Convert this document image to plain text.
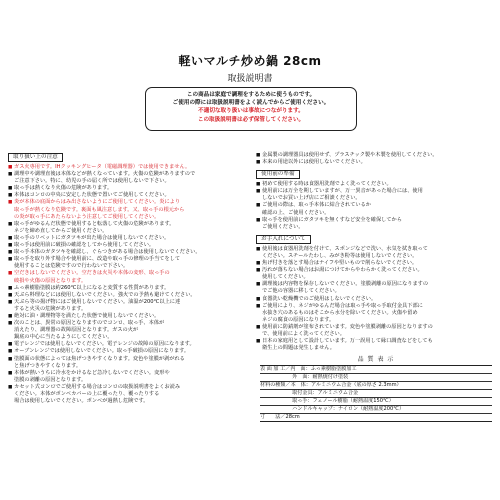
軽いマルチ炒め鍋 28cm
取扱説明書
この商品は家庭で調理をするために使うものです。
ご使用の際には取扱説明書をよく読んでからご使用ください。
不適切な取り扱いは事故につながります。
この取扱説明書は必ず保管してください。
取り扱い上の注意
■ ガス火専用です。IHクッキングヒータ（電磁調理器）では使用できません。
■ 調理中や調理直後は本体などが熱くなっています。火傷の危険がありますので
ご注意下さい。特に、幼児の手の届く所では使用しないで下さい。
■ 取っ手は熱くなり火傷の危険があります。
■ 本体はコンロの中央に安定した状態で置いてご使用してください。
■ 炎が本体の底面からはみ出さないようにご使用してください。炎により
取っ手が熱くなり危険です。裏面も風注意します。又、取っ手の根元から
の炎が取っ手にあたらないよう注意してご使用してください。
■ 取っ手がゆるんだ状態で使用すると転落して火傷の危険があります。
ネジを締め直してからご使用ください。
■ 取っ手のリベットにガタツキが出た場合は使用しないでください。
■ 取っ手は使用前に破損の確認をしてから使用してください。
■ 取っ手本体のガタツキを確認し、ぐらつきがある場合は使用しないでください。
■ 取っ手を取り外す場合や使用前に、改造や取っ手の修理の手当てをして
使用することは危険ですので行わないで下さい。
■ 空だきはしないでください。空だきは火災や本体の変形、取っ手の
破損や火傷の原因となります。
■ ふっ素樹脂塗膜は約260℃以上になると変質する性質があります。
■ 天ぷら料理などには使用しないでください。強火での予熱も避けてください。
■ 天ぷら等の揚げ物にはご使用しないでください。油温が200℃以上に達
すると火災の危険があります。
■ 絶対に油・調理物等を満たした状態で使用しないでください。
■ 次のことは、異常の原因となりますのでコンロ、取っ手、本体が
消えたり、調理器の故障原因となります。ガスの火が
鍋底の中心に当たるようにしてください。
■ 電子レンジでは使用しないでください。電子レンジの故障の原因になります。
■ オーブンレンジでは使用しないでください。取っ手破損の原因になります。
■ 塗膜面の状態によっては焦げつきやすくなります。変色や塗膜が剥がれる
と焦げつきやすくなります。
■ 本体が熱いうちに冷水をかけるなど急冷しないでください。変形や
塗膜の剥離の原因となります。
■ カセット式コンロでご使用する場合はコンロの取扱説明書をよくお読み
ください。本体がボンベカバーの上に覆ったり、覆ったりする
場合は使用しないでください。ボンベが過熱し危険です。
■ 金属製の調理器具は使用せず、プラスチック製や木製を使用してください。
■ 本来の用途以外には使用しないでください。
使用前の準備
■ 初めて使用する時は食器用洗剤でよく洗ってください。
■ 使用前には万全を期していますが、万一異音があった場合には、使用
しないでお買い上げ店にご相談ください。
■ ご使用の際は、取っ手本体に結合されているか
確認の上、ご使用ください。
■ 取っ手を使用前にガタツキを無くすなど安全を確保してから
ご使用ください。
お手入れについて
■ 使用後は食器用洗剤を付けて、スポンジなどで洗い、水気を拭き取って
ください。スチールたわし、みがき粉等は使用しないでください。
■ 焦げ付きを落とす場合はナイフや堅いもので削らないでください。
■ 汚れが落ちない場合はお湯につけてからやわらかく洗ってください。
使用してください。
■ 調理後は内容物を保存しないでください。塗膜剥離の原因になりますの
でご他の容器に移してください。
■ 食器洗い乾燥機でのご使用はしないでください。
■ ご使用により、ネジがゆるんだ場合は取っ手や取っ手取付金具下部に
水抜き穴のあるものはそこから水分を除いてください。火傷や留め
ネジの腐食の原因になります。
■ 使用前に防錆剤が塗布されています。変色や塗膜剥離の原因となりますの
で、使用前によく洗ってください。
■ 日本の家庭用として設計しています。万一誤用して縁口調査などをしても
衛生上の問題は発生しません。
品 質 表 示
表 面 加 工／内　面：ふっ素樹脂塗膜加工
　　　　　　 外　面：耐熱焼付け塗装
材料の種類／本　体：アルミニウム合金（底の厚さ 2.3mm）
　　　　　　 取付金具：アルミニウム合金
　　　　　　 取っ手：フェノール樹脂（耐熱温度150℃）
　　　　　　 ハンドルキャップ：ナイロン（耐熱温度200℃）
寸　　法／28cm
